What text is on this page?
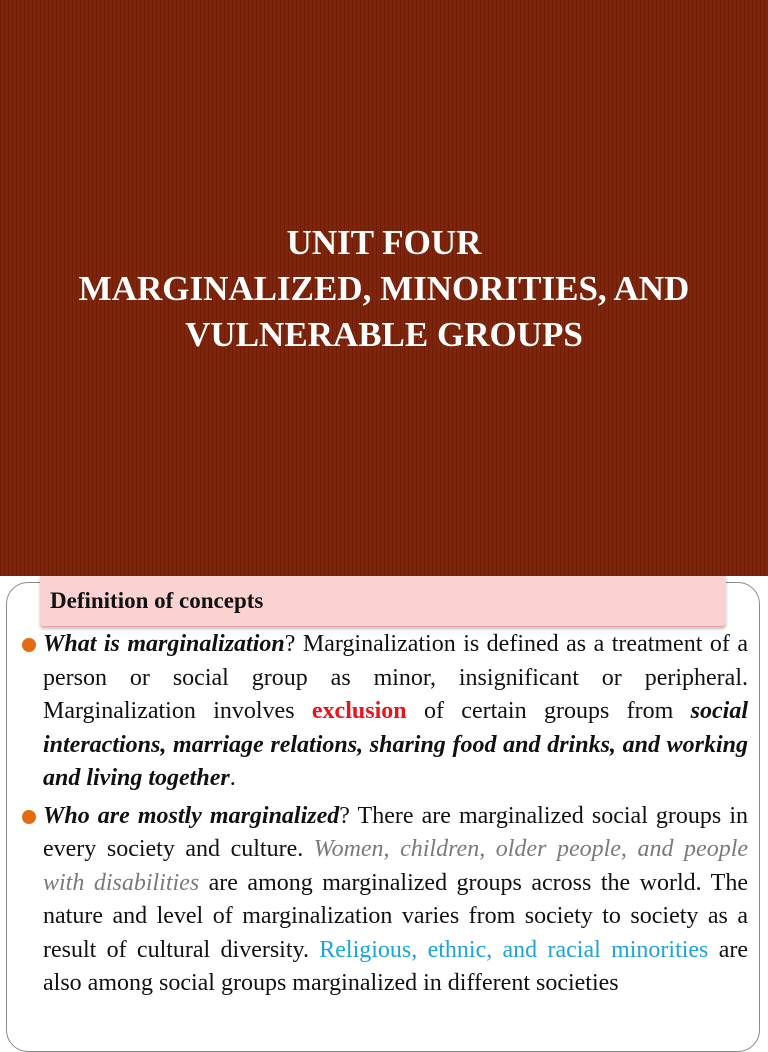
UNIT FOUR
MARGINALIZED, MINORITIES, AND
VULNERABLE GROUPS
Definition of concepts
What is marginalization? Marginalization is defined as a treatment of a person or social group as minor, insignificant or peripheral. Marginalization involves exclusion of certain groups from social interactions, marriage relations, sharing food and drinks, and working and living together.
Who are mostly marginalized? There are marginalized social groups in every society and culture. Women, children, older people, and people with disabilities are among marginalized groups across the world. The nature and level of marginalization varies from society to society as a result of cultural diversity. Religious, ethnic, and racial minorities are also among social groups marginalized in different societies
